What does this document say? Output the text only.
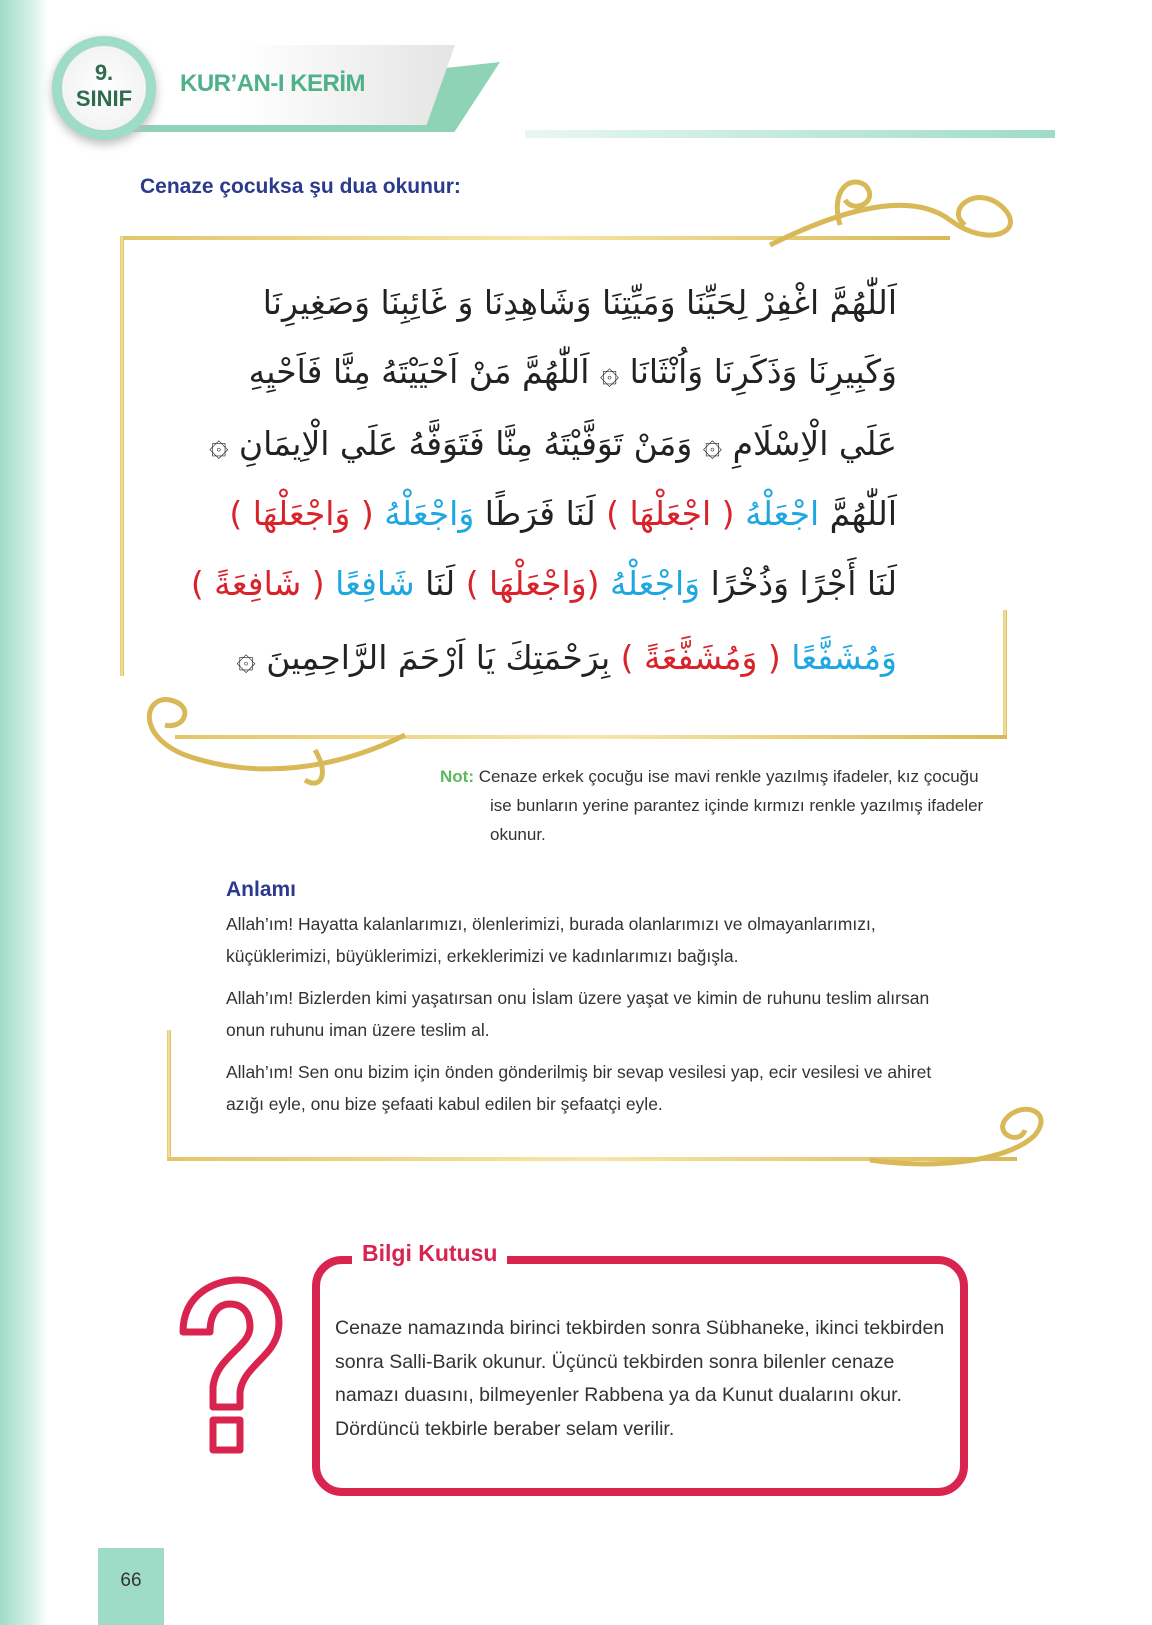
9.
SINIF
KUR’AN-I KERİM
Cenaze çocuksa şu dua okunur:
اَللّٰهُمَّ اغْفِرْ لِحَيِّنَا وَمَيِّتِنَا وَشَاهِدِنَا وَ غَائِبِنَا وَصَغِيرِنَا
وَكَبِيرِنَا وَذَكَرِنَا وَاُنْثَانَا ۞ اَللّٰهُمَّ مَنْ اَحْيَيْتَهُ مِنَّا فَاَحْيِهِ
عَلَي الْاِسْلَامِ ۞ وَمَنْ تَوَفَّيْتَهُ مِنَّا فَتَوَفَّهُ عَلَي الْاِيمَانِ ۞
اَللّٰهُمَّ اجْعَلْهُ ( اجْعَلْهَا ) لَنَا فَرَطًا وَاجْعَلْهُ ( وَاجْعَلْهَا )
لَنَا أَجْرًا وَذُخْرًا وَاجْعَلْهُ (وَاجْعَلْهَا ) لَنَا شَافِعًا ( شَافِعَةً )
وَمُشَفَّعًا ( وَمُشَفَّعَةً ) بِرَحْمَتِكَ يَا اَرْحَمَ الرَّاحِمِينَ ۞
Not: Cenaze erkek çocuğu ise mavi renkle yazılmış ifadeler, kız çocuğu ise bunların yerine parantez içinde kırmızı renkle yazılmış ifadeler okunur.
Anlamı
Allah’ım! Hayatta kalanlarımızı, ölenlerimizi, burada olanlarımızı ve olmayanlarımızı, küçüklerimizi, büyüklerimizi, erkeklerimizi ve kadınlarımızı bağışla.
Allah’ım! Bizlerden kimi yaşatırsan onu İslam üzere yaşat ve kimin de ruhunu teslim alırsan onun ruhunu iman üzere teslim al.
Allah’ım! Sen onu bizim için önden gönderilmiş bir sevap vesilesi yap, ecir vesilesi ve ahiret azığı eyle, onu bize şefaati kabul edilen bir şefaatçi eyle.
Bilgi Kutusu
Cenaze namazında birinci tekbirden sonra Sübhaneke, ikinci tekbirden sonra Salli-Barik okunur. Üçüncü tekbirden sonra bilenler cenaze namazı duasını, bilmeyenler Rabbena ya da Kunut dualarını okur. Dördüncü tekbirle beraber selam verilir.
66
